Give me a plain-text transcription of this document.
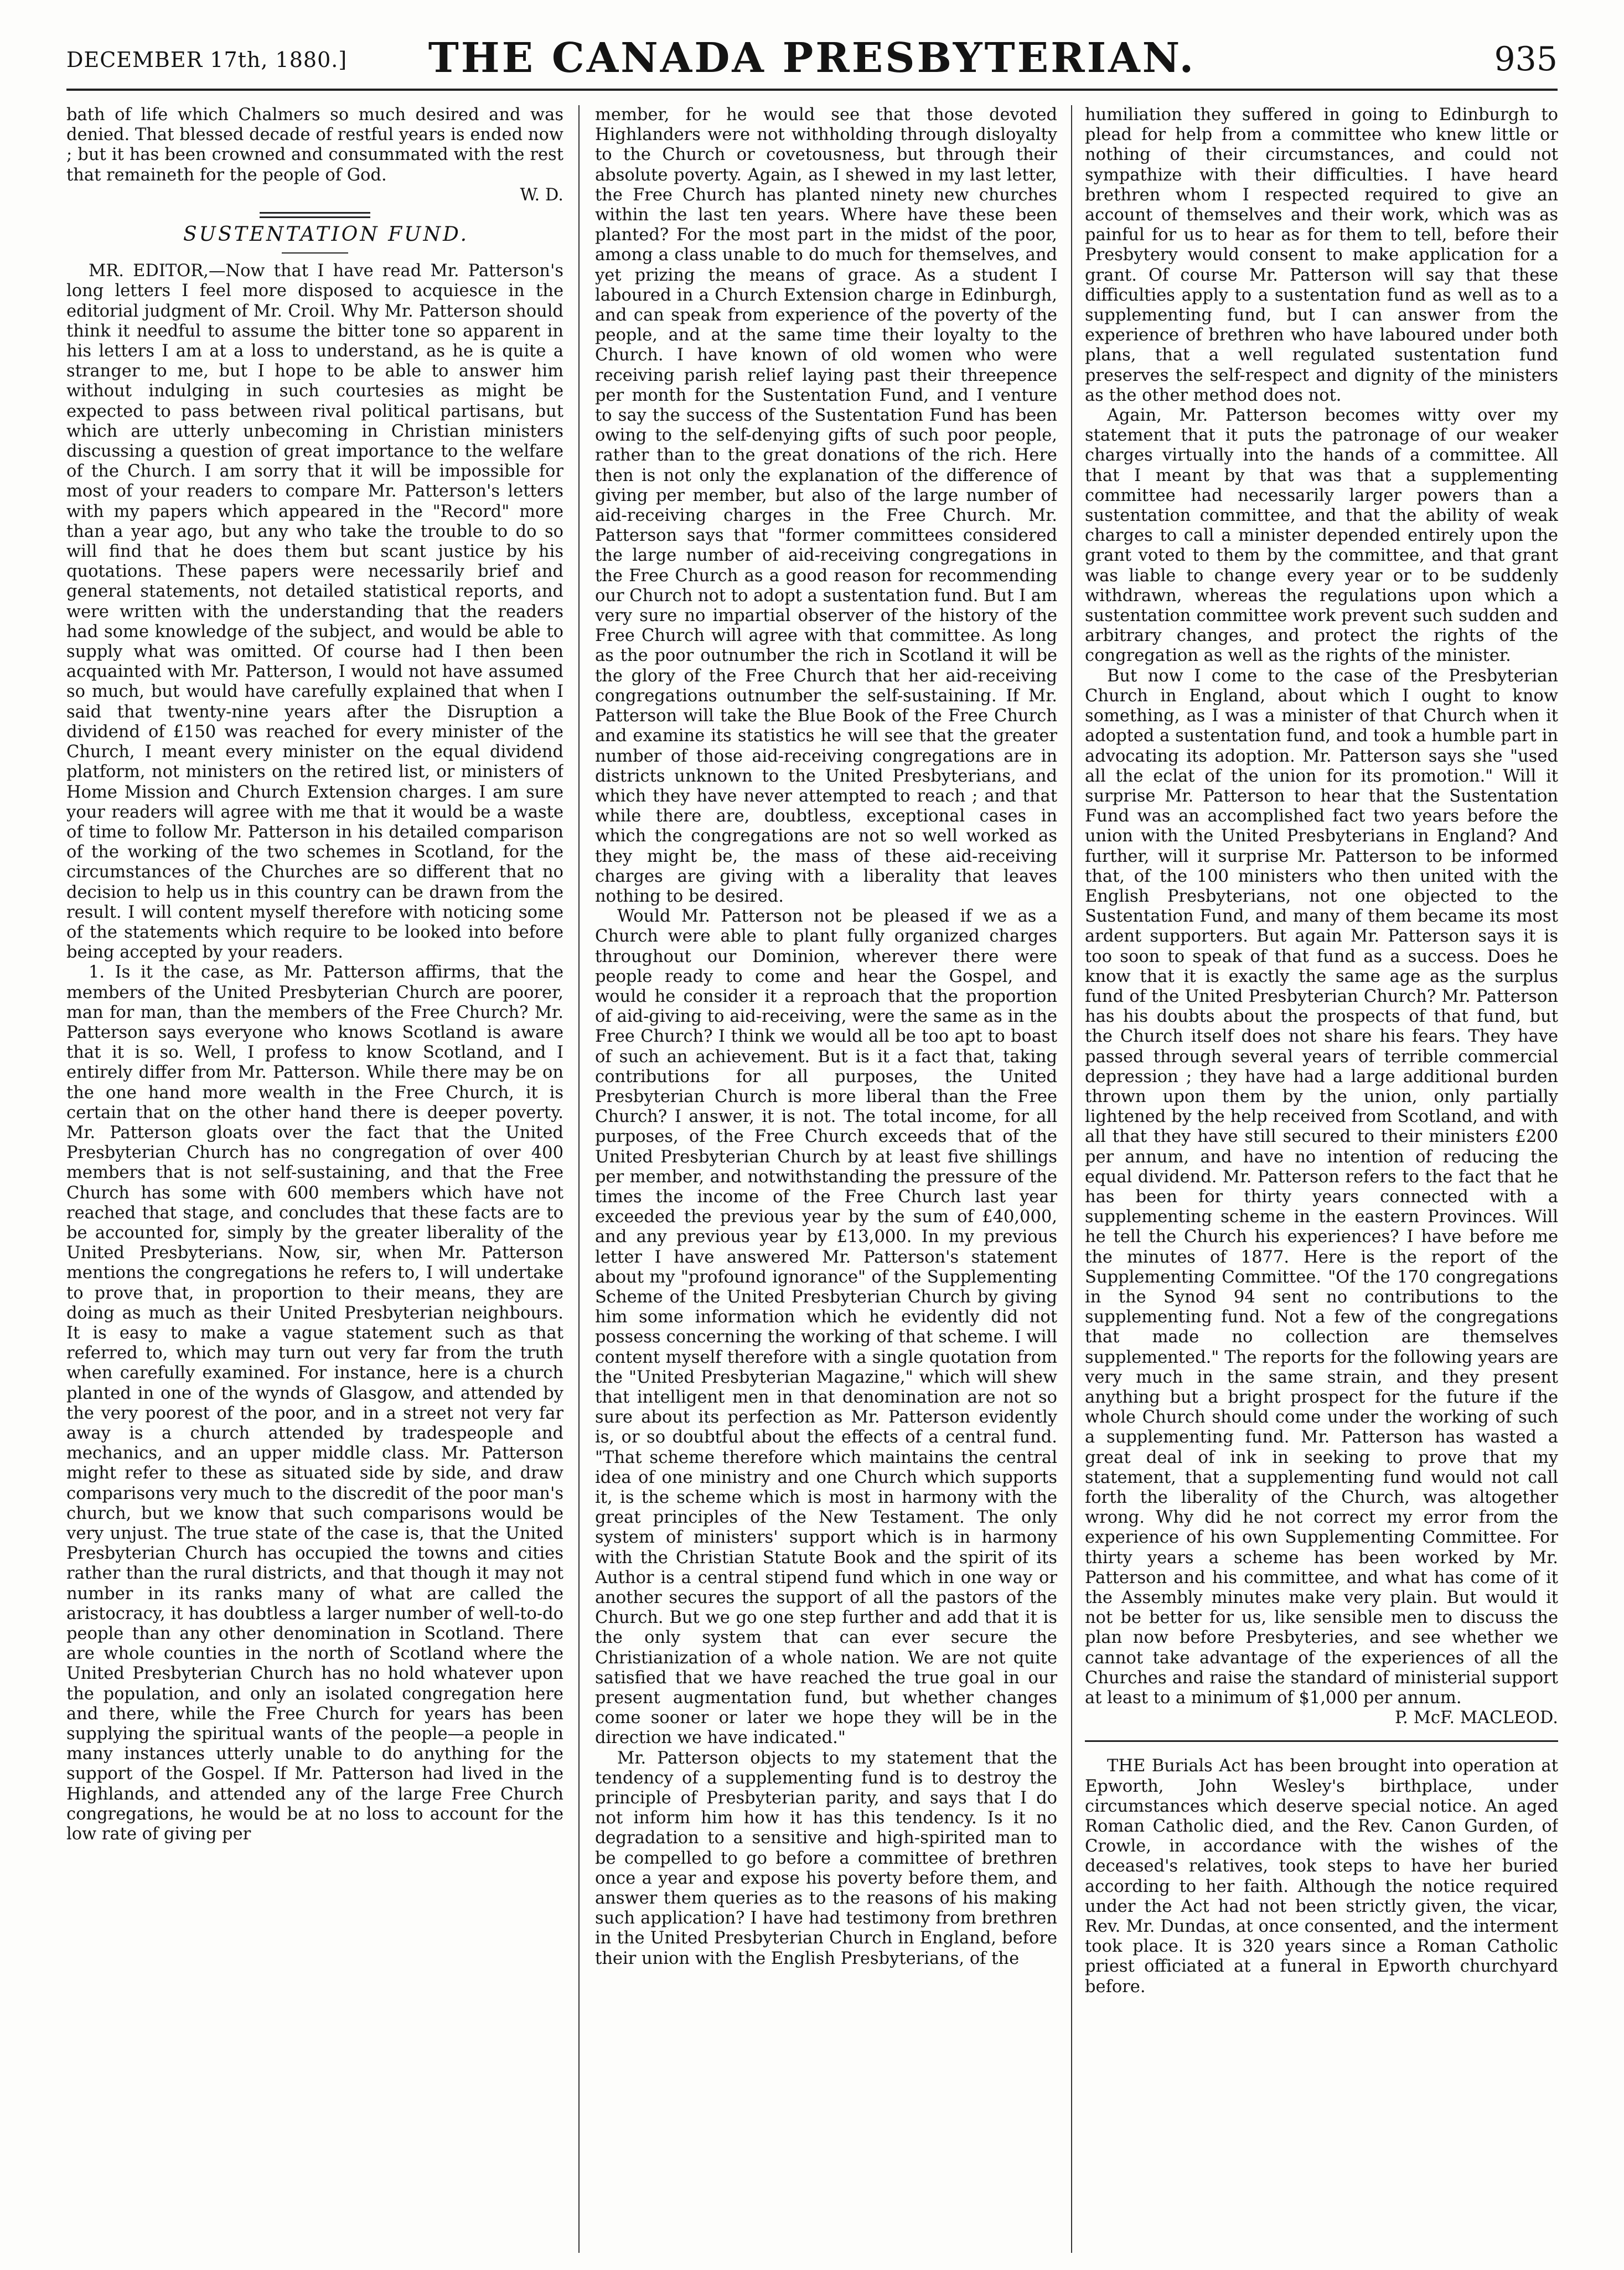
DECEMBER 17th, 1880.]	THE CANADA PRESBYTERIAN.	935

bath of life which Chalmers so much desired and was denied. That blessed decade of restful years is ended now ; but it has been crowned and consummated with the rest that remaineth for the people of God.

W. D.

SUSTENTATION FUND.

MR. EDITOR,—Now that I have read Mr. Patterson's long letters I feel more disposed to acquiesce in the editorial judgment of Mr. Croil. Why Mr. Patterson should think it needful to assume the bitter tone so apparent in his letters I am at a loss to understand, as he is quite a stranger to me, but I hope to be able to answer him without indulging in such courtesies as might be expected to pass between rival political partisans, but which are utterly unbecoming in Christian ministers discussing a question of great importance to the welfare of the Church. I am sorry that it will be impossible for most of your readers to compare Mr. Patterson's letters with my papers which appeared in the "Record" more than a year ago, but any who take the trouble to do so will find that he does them but scant justice by his quotations. These papers were necessarily brief and general statements, not detailed statistical reports, and were written with the understanding that the readers had some knowledge of the subject, and would be able to supply what was omitted. Of course had I then been acquainted with Mr. Patterson, I would not have assumed so much, but would have carefully explained that when I said that twenty-nine years after the Disruption a dividend of £150 was reached for every minister of the Church, I meant every minister on the equal dividend platform, not ministers on the retired list, or ministers of Home Mission and Church Extension charges. I am sure your readers will agree with me that it would be a waste of time to follow Mr. Patterson in his detailed comparison of the working of the two schemes in Scotland, for the circumstances of the Churches are so different that no decision to help us in this country can be drawn from the result. I will content myself therefore with noticing some of the statements which require to be looked into before being accepted by your readers.

1. Is it the case, as Mr. Patterson affirms, that the members of the United Presbyterian Church are poorer, man for man, than the members of the Free Church? Mr. Patterson says everyone who knows Scotland is aware that it is so. Well, I profess to know Scotland, and I entirely differ from Mr. Patterson. While there may be on the one hand more wealth in the Free Church, it is certain that on the other hand there is deeper poverty. Mr. Patterson gloats over the fact that the United Presbyterian Church has no congregation of over 400 members that is not self-sustaining, and that the Free Church has some with 600 members which have not reached that stage, and concludes that these facts are to be accounted for, simply by the greater liberality of the United Presbyterians. Now, sir, when Mr. Patterson mentions the congregations he refers to, I will undertake to prove that, in proportion to their means, they are doing as much as their United Presbyterian neighbours. It is easy to make a vague statement such as that referred to, which may turn out very far from the truth when carefully examined. For instance, here is a church planted in one of the wynds of Glasgow, and attended by the very poorest of the poor, and in a street not very far away is a church attended by tradespeople and mechanics, and an upper middle class. Mr. Patterson might refer to these as situated side by side, and draw comparisons very much to the discredit of the poor man's church, but we know that such comparisons would be very unjust. The true state of the case is, that the United Presbyterian Church has occupied the towns and cities rather than the rural districts, and that though it may not number in its ranks many of what are called the aristocracy, it has doubtless a larger number of well-to-do people than any other denomination in Scotland. There are whole counties in the north of Scotland where the United Presbyterian Church has no hold whatever upon the population, and only an isolated congregation here and there, while the Free Church for years has been supplying the spiritual wants of the people—a people in many instances utterly unable to do anything for the support of the Gospel. If Mr. Patterson had lived in the Highlands, and attended any of the large Free Church congregations, he would be at no loss to account for the low rate of giving per

member, for he would see that those devoted Highlanders were not withholding through disloyalty to the Church or covetousness, but through their absolute poverty. Again, as I shewed in my last letter, the Free Church has planted ninety new churches within the last ten years. Where have these been planted? For the most part in the midst of the poor, among a class unable to do much for themselves, and yet prizing the means of grace. As a student I laboured in a Church Extension charge in Edinburgh, and can speak from experience of the poverty of the people, and at the same time their loyalty to the Church. I have known of old women who were receiving parish relief laying past their threepence per month for the Sustentation Fund, and I venture to say the success of the Sustentation Fund has been owing to the self-denying gifts of such poor people, rather than to the great donations of the rich. Here then is not only the explanation of the difference of giving per member, but also of the large number of aid-receiving charges in the Free Church. Mr. Patterson says that "former committees considered the large number of aid-receiving congregations in the Free Church as a good reason for recommending our Church not to adopt a sustentation fund. But I am very sure no impartial observer of the history of the Free Church will agree with that committee. As long as the poor outnumber the rich in Scotland it will be the glory of the Free Church that her aid-receiving congregations outnumber the self-sustaining. If Mr. Patterson will take the Blue Book of the Free Church and examine its statistics he will see that the greater number of those aid-receiving congregations are in districts unknown to the United Presbyterians, and which they have never attempted to reach ; and that while there are, doubtless, exceptional cases in which the congregations are not so well worked as they might be, the mass of these aid-receiving charges are giving with a liberality that leaves nothing to be desired.

Would Mr. Patterson not be pleased if we as a Church were able to plant fully organized charges throughout our Dominion, wherever there were people ready to come and hear the Gospel, and would he consider it a reproach that the proportion of aid-giving to aid-receiving, were the same as in the Free Church? I think we would all be too apt to boast of such an achievement. But is it a fact that, taking contributions for all purposes, the United Presbyterian Church is more liberal than the Free Church? I answer, it is not. The total income, for all purposes, of the Free Church exceeds that of the United Presbyterian Church by at least five shillings per member, and notwithstanding the pressure of the times the income of the Free Church last year exceeded the previous year by the sum of £40,000, and any previous year by £13,000. In my previous letter I have answered Mr. Patterson's statement about my "profound ignorance" of the Supplementing Scheme of the United Presbyterian Church by giving him some information which he evidently did not possess concerning the working of that scheme. I will content myself therefore with a single quotation from the "United Presbyterian Magazine," which will shew that intelligent men in that denomination are not so sure about its perfection as Mr. Patterson evidently is, or so doubtful about the effects of a central fund. "That scheme therefore which maintains the central idea of one ministry and one Church which supports it, is the scheme which is most in harmony with the great principles of the New Testament. The only system of ministers' support which is in harmony with the Christian Statute Book and the spirit of its Author is a central stipend fund which in one way or another secures the support of all the pastors of the Church. But we go one step further and add that it is the only system that can ever secure the Christianization of a whole nation. We are not quite satisfied that we have reached the true goal in our present augmentation fund, but whether changes come sooner or later we hope they will be in the direction we have indicated."

Mr. Patterson objects to my statement that the tendency of a supplementing fund is to destroy the principle of Presbyterian parity, and says that I do not inform him how it has this tendency. Is it no degradation to a sensitive and high-spirited man to be compelled to go before a committee of brethren once a year and expose his poverty before them, and answer them queries as to the reasons of his making such application? I have had testimony from brethren in the United Presbyterian Church in England, before their union with the English Presbyterians, of the

humiliation they suffered in going to Edinburgh to plead for help from a committee who knew little or nothing of their circumstances, and could not sympathize with their difficulties. I have heard brethren whom I respected required to give an account of themselves and their work, which was as painful for us to hear as for them to tell, before their Presbytery would consent to make application for a grant. Of course Mr. Patterson will say that these difficulties apply to a sustentation fund as well as to a supplementing fund, but I can answer from the experience of brethren who have laboured under both plans, that a well regulated sustentation fund preserves the self-respect and dignity of the ministers as the other method does not.

Again, Mr. Patterson becomes witty over my statement that it puts the patronage of our weaker charges virtually into the hands of a committee. All that I meant by that was that a supplementing committee had necessarily larger powers than a sustentation committee, and that the ability of weak charges to call a minister depended entirely upon the grant voted to them by the committee, and that grant was liable to change every year or to be suddenly withdrawn, whereas the regulations upon which a sustentation committee work prevent such sudden and arbitrary changes, and protect the rights of the congregation as well as the rights of the minister.

But now I come to the case of the Presbyterian Church in England, about which I ought to know something, as I was a minister of that Church when it adopted a sustentation fund, and took a humble part in advocating its adoption. Mr. Patterson says she "used all the eclat of the union for its promotion." Will it surprise Mr. Patterson to hear that the Sustentation Fund was an accomplished fact two years before the union with the United Presbyterians in England? And further, will it surprise Mr. Patterson to be informed that, of the 100 ministers who then united with the English Presbyterians, not one objected to the Sustentation Fund, and many of them became its most ardent supporters. But again Mr. Patterson says it is too soon to speak of that fund as a success. Does he know that it is exactly the same age as the surplus fund of the United Presbyterian Church? Mr. Patterson has his doubts about the prospects of that fund, but the Church itself does not share his fears. They have passed through several years of terrible commercial depression ; they have had a large additional burden thrown upon them by the union, only partially lightened by the help received from Scotland, and with all that they have still secured to their ministers £200 per annum, and have no intention of reducing the equal dividend. Mr. Patterson refers to the fact that he has been for thirty years connected with a supplementing scheme in the eastern Provinces. Will he tell the Church his experiences? I have before me the minutes of 1877. Here is the report of the Supplementing Committee. "Of the 170 congregations in the Synod 94 sent no contributions to the supplementing fund. Not a few of the congregations that made no collection are themselves supplemented." The reports for the following years are very much in the same strain, and they present anything but a bright prospect for the future if the whole Church should come under the working of such a supplementing fund. Mr. Patterson has wasted a great deal of ink in seeking to prove that my statement, that a supplementing fund would not call forth the liberality of the Church, was altogether wrong. Why did he not correct my error from the experience of his own Supplementing Committee. For thirty years a scheme has been worked by Mr. Patterson and his committee, and what has come of it the Assembly minutes make very plain. But would it not be better for us, like sensible men to discuss the plan now before Presbyteries, and see whether we cannot take advantage of the experiences of all the Churches and raise the standard of ministerial support at least to a minimum of $1,000 per annum.

P. McF. MACLEOD.

THE Burials Act has been brought into operation at Epworth, John Wesley's birthplace, under circumstances which deserve special notice. An aged Roman Catholic died, and the Rev. Canon Gurden, of Crowle, in accordance with the wishes of the deceased's relatives, took steps to have her buried according to her faith. Although the notice required under the Act had not been strictly given, the vicar, Rev. Mr. Dundas, at once consented, and the interment took place. It is 320 years since a Roman Catholic priest officiated at a funeral in Epworth churchyard before.
